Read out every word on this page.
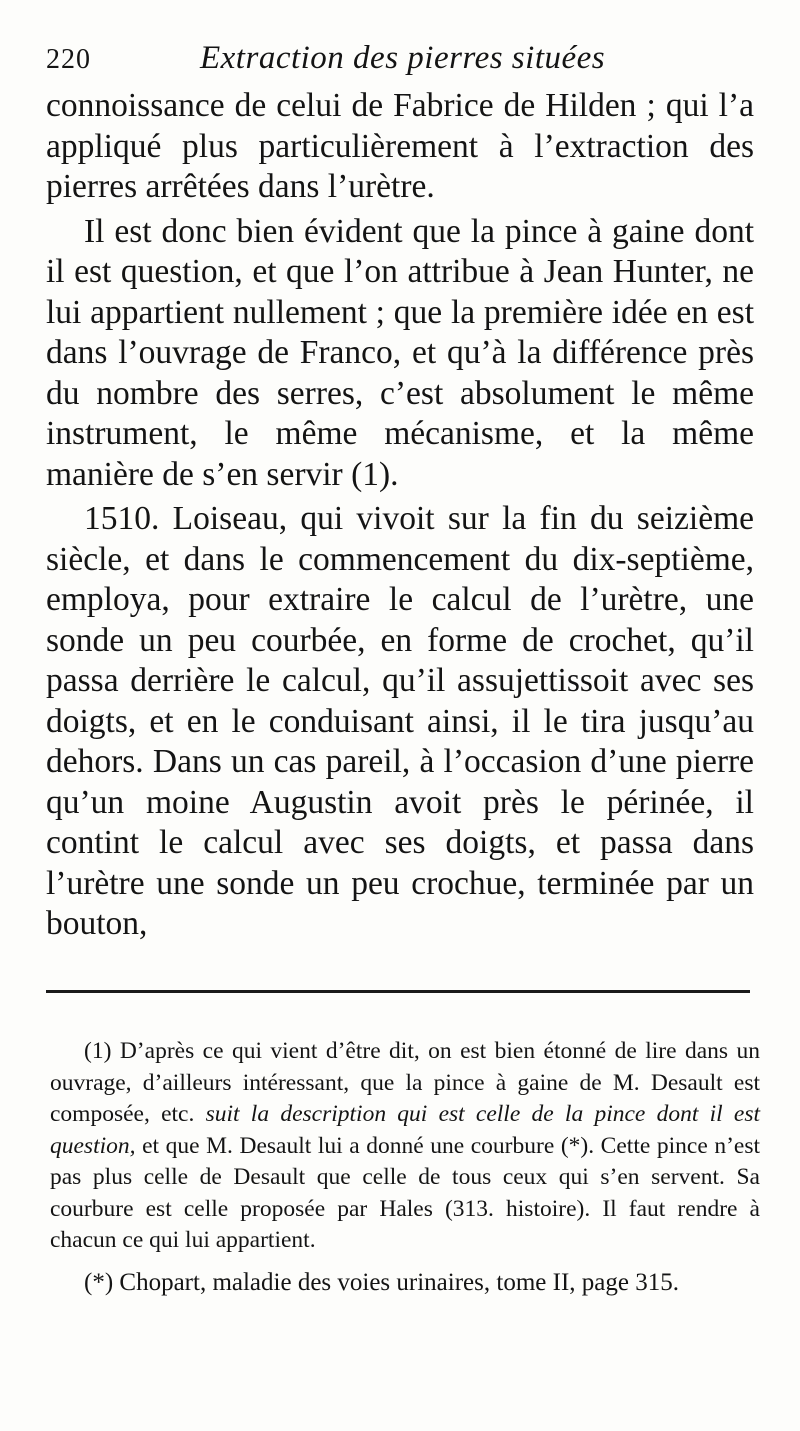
220	Extraction des pierres situées

connoissance de celui de Fabrice de Hilden ; qui l’a appliqué plus particulièrement à l’extraction des pierres arrêtées dans l’urètre.

Il est donc bien évident que la pince à gaine dont il est question, et que l’on attribue à Jean Hunter, ne lui appartient nullement ; que la première idée en est dans l’ouvrage de Franco, et qu’à la différence près du nombre des serres, c’est absolument le même instrument, le même mécanisme, et la même manière de s’en servir (1).

1510. Loiseau, qui vivoit sur la fin du seizième siècle, et dans le commencement du dix-septième, employa, pour extraire le calcul de l’urètre, une sonde un peu courbée, en forme de crochet, qu’il passa derrière le calcul, qu’il assujettissoit avec ses doigts, et en le conduisant ainsi, il le tira jusqu’au dehors. Dans un cas pareil, à l’occasion d’une pierre qu’un moine Augustin avoit près le périnée, il contint le calcul avec ses doigts, et passa dans l’urètre une sonde un peu crochue, terminée par un bouton,

(1) D’après ce qui vient d’être dit, on est bien étonné de lire dans un ouvrage, d’ailleurs intéressant, que la pince à gaine de M. Desault est composée, etc. suit la description qui est celle de la pince dont il est question, et que M. Desault lui a donné une courbure (*). Cette pince n’est pas plus celle de Desault que celle de tous ceux qui s’en servent. Sa courbure est celle proposée par Hales (313. histoire). Il faut rendre à chacun ce qui lui appartient.

(*) Chopart, maladie des voies urinaires, tome II, page 315.
